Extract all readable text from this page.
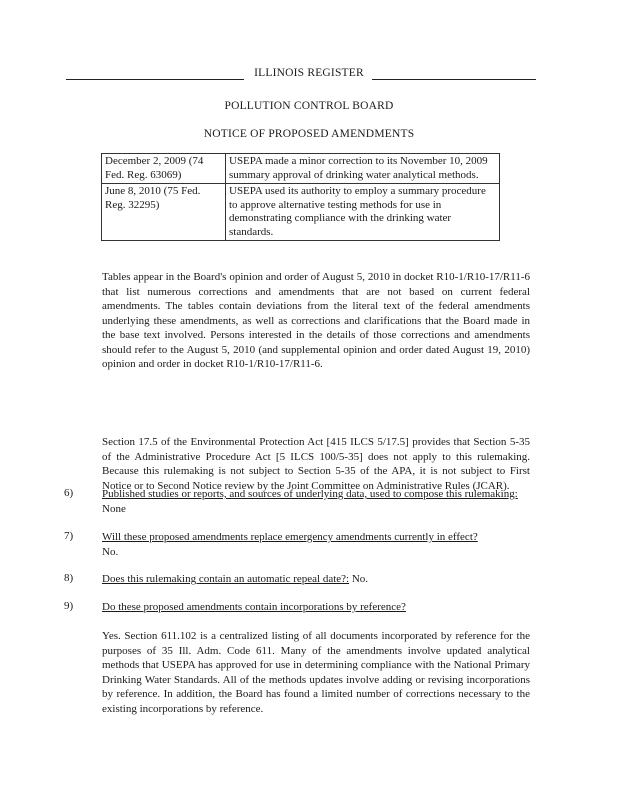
ILLINOIS REGISTER
POLLUTION CONTROL BOARD
NOTICE OF PROPOSED AMENDMENTS
December 2, 2009 (74 Fed. Reg. 63069)	USEPA made a minor correction to its November 10, 2009 summary approval of drinking water analytical methods.
June 8, 2010 (75 Fed. Reg. 32295)	USEPA used its authority to employ a summary procedure to approve alternative testing methods for use in demonstrating compliance with the drinking water standards.
Tables appear in the Board's opinion and order of August 5, 2010 in docket R10-1/R10-17/R11-6 that list numerous corrections and amendments that are not based on current federal amendments. The tables contain deviations from the literal text of the federal amendments underlying these amendments, as well as corrections and clarifications that the Board made in the base text involved. Persons interested in the details of those corrections and amendments should refer to the August 5, 2010 (and supplemental opinion and order dated August 19, 2010) opinion and order in docket R10-1/R10-17/R11-6.
Section 17.5 of the Environmental Protection Act [415 ILCS 5/17.5] provides that Section 5-35 of the Administrative Procedure Act [5 ILCS 100/5-35] does not apply to this rulemaking. Because this rulemaking is not subject to Section 5-35 of the APA, it is not subject to First Notice or to Second Notice review by the Joint Committee on Administrative Rules (JCAR).
6)	Published studies or reports, and sources of underlying data, used to compose this rulemaking: None
7)	Will these proposed amendments replace emergency amendments currently in effect?
No.
8)	Does this rulemaking contain an automatic repeal date?: No.
9)	Do these proposed amendments contain incorporations by reference?
Yes. Section 611.102 is a centralized listing of all documents incorporated by reference for the purposes of 35 Ill. Adm. Code 611. Many of the amendments involve updated analytical methods that USEPA has approved for use in determining compliance with the National Primary Drinking Water Standards. All of the methods updates involve adding or revising incorporations by reference. In addition, the Board has found a limited number of corrections necessary to the existing incorporations by reference.
